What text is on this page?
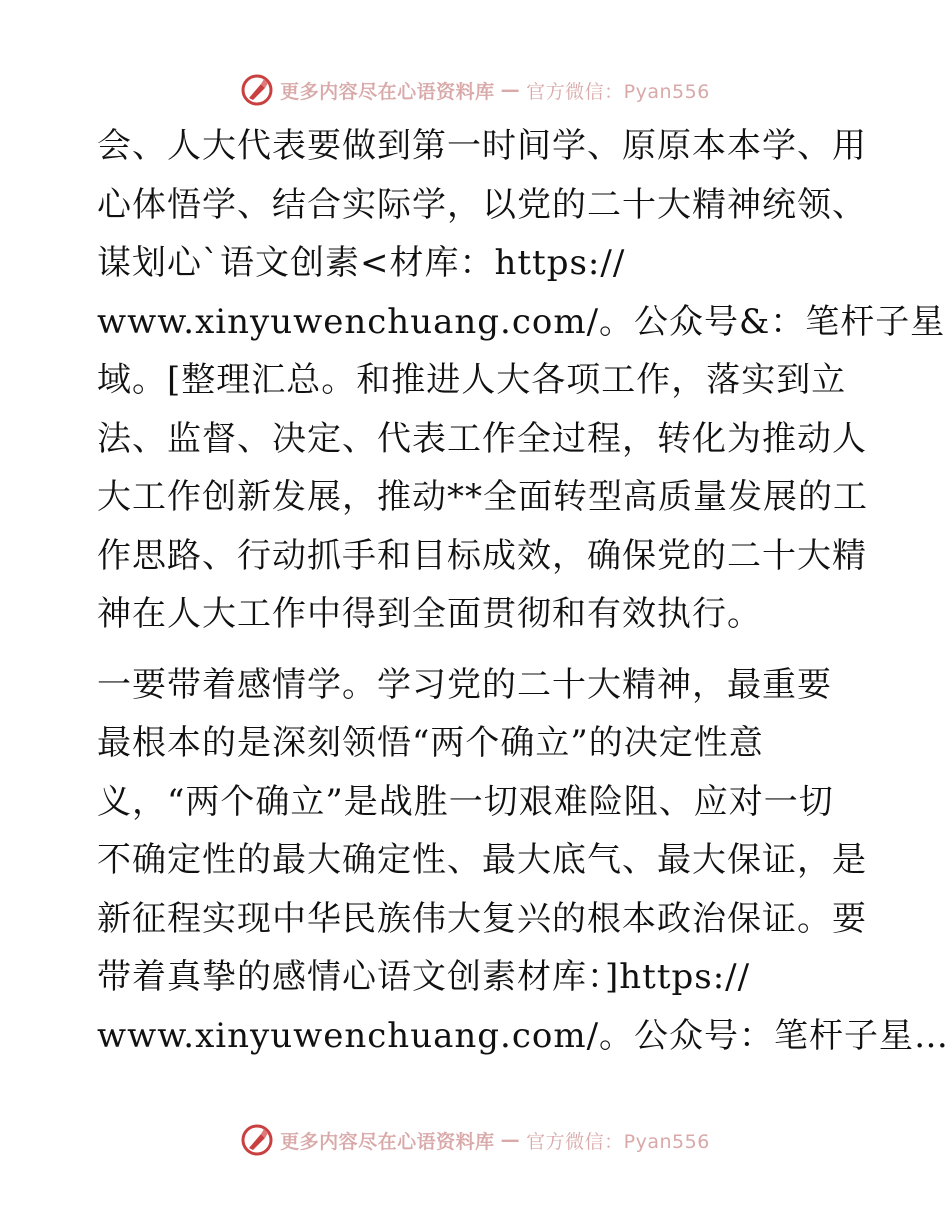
更多内容尽在心语资料库 — 官方微信：Pyan556

会、人大代表要做到第一时间学、原原本本学、用
心体悟学、结合实际学，以党的二十大精神统领、
谋划心`语文创素<材库：https://
www.xinyuwenchuang.com/。公众号&：笔杆子星
域。[整理汇总。和推进人大各项工作，落实到立
法、监督、决定、代表工作全过程，转化为推动人
大工作创新发展，推动**全面转型高质量发展的工
作思路、行动抓手和目标成效，确保党的二十大精
神在人大工作中得到全面贯彻和有效执行。

一要带着感情学。学习党的二十大精神，最重要
最根本的是深刻领悟“两个确立”的决定性意
义，“两个确立”是战胜一切艰难险阻、应对一切
不确定性的最大确定性、最大底气、最大保证，是
新征程实现中华民族伟大复兴的根本政治保证。要
带着真挚的感情心语文创素材库：]https://
www.xinyuwenchuang.com/。公众号：笔杆子星…

更多内容尽在心语资料库 — 官方微信：Pyan556
